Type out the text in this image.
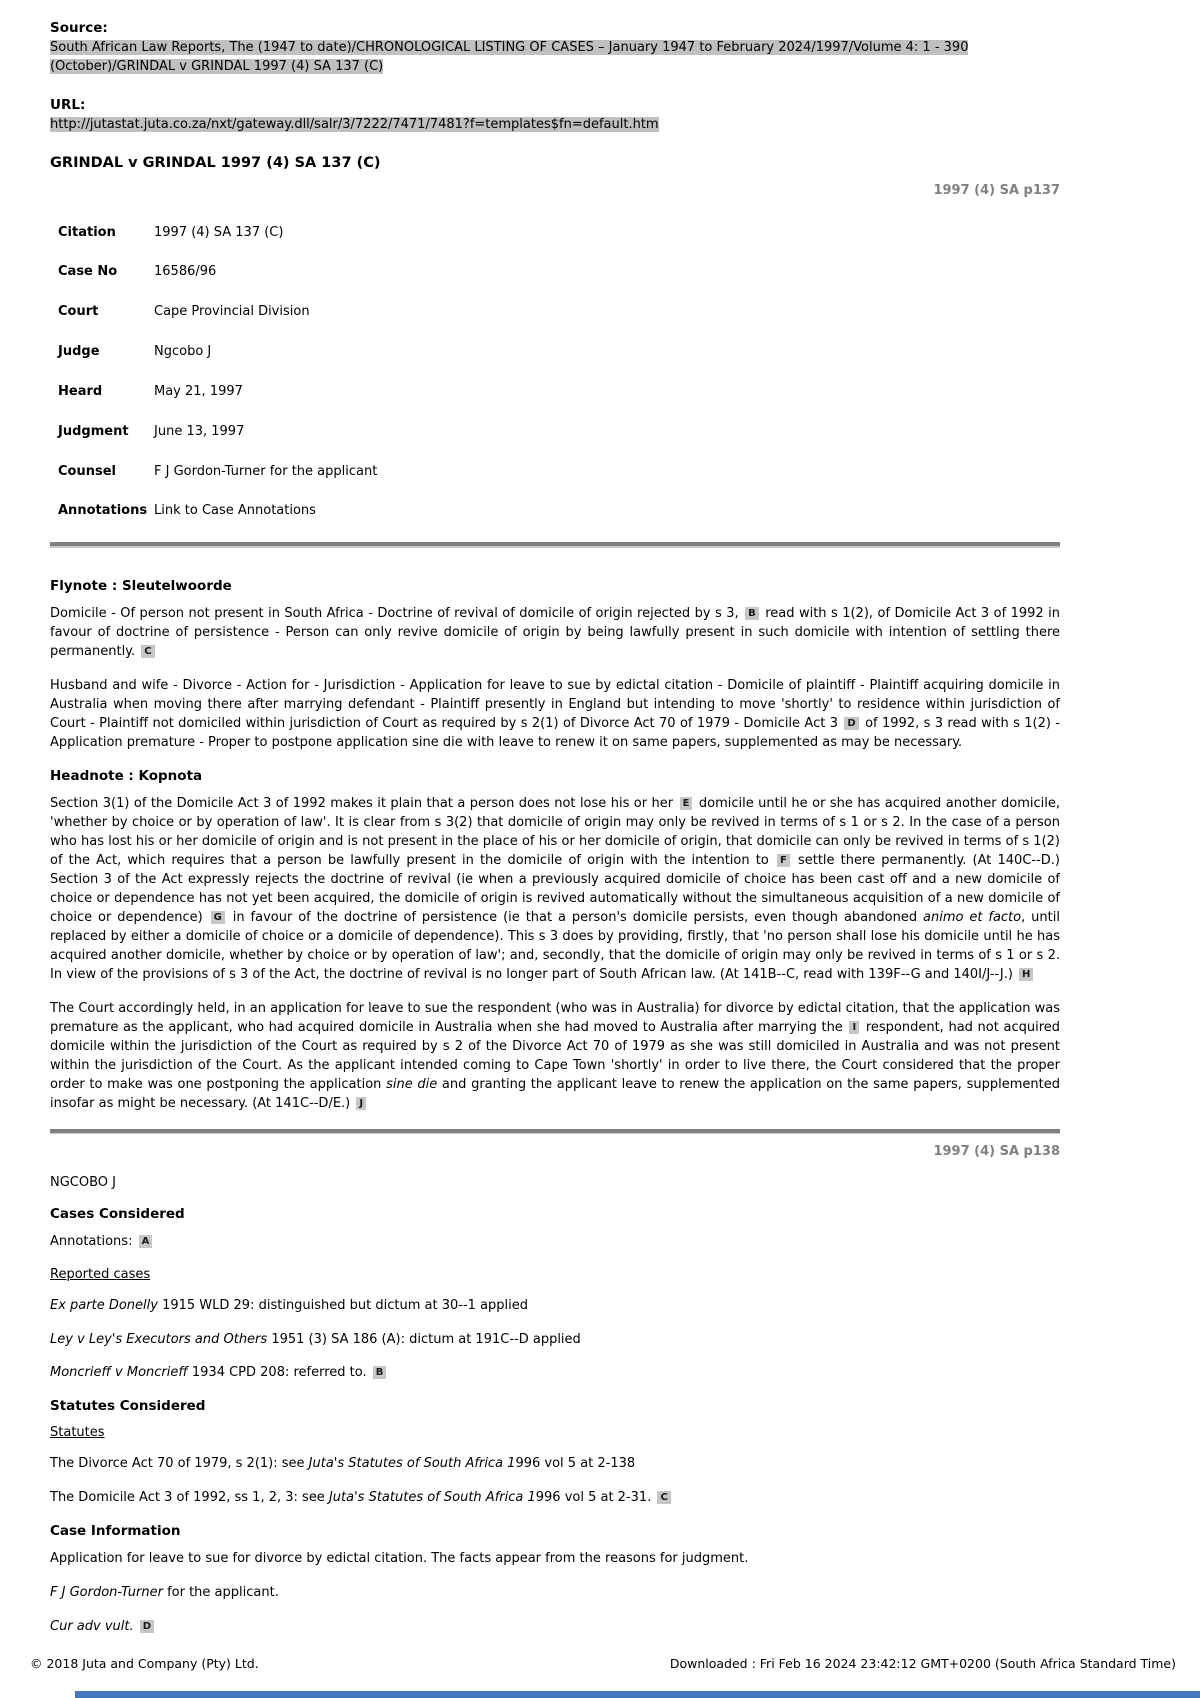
Source:
South African Law Reports, The (1947 to date)/CHRONOLOGICAL LISTING OF CASES – January 1947 to February 2024/1997/Volume 4: 1 - 390 (October)/GRINDAL v GRINDAL 1997 (4) SA 137 (C)
URL:
http://jutastat.juta.co.za/nxt/gateway.dll/salr/3/7222/7471/7481?f=templates$fn=default.htm
GRINDAL v GRINDAL 1997 (4) SA 137 (C)
1997 (4) SA p137
Citation	1997 (4) SA 137 (C)
Case No	16586/96
Court	Cape Provincial Division
Judge	Ngcobo J
Heard	May 21, 1997
Judgment	June 13, 1997
Counsel	F J Gordon-Turner for the applicant
Annotations Link to Case Annotations
Flynote : Sleutelwoorde

Domicile - Of person not present in South Africa - Doctrine of revival of domicile of origin rejected by s 3, B read with s 1(2), of Domicile Act 3 of 1992 in favour of doctrine of persistence - Person can only revive domicile of origin by being lawfully present in such domicile with intention of settling there permanently. C

Husband and wife - Divorce - Action for - Jurisdiction - Application for leave to sue by edictal citation - Domicile of plaintiff - Plaintiff acquiring domicile in Australia when moving there after marrying defendant - Plaintiff presently in England but intending to move 'shortly' to residence within jurisdiction of Court - Plaintiff not domiciled within jurisdiction of Court as required by s 2(1) of Divorce Act 70 of 1979 - Domicile Act 3 D of 1992, s 3 read with s 1(2) - Application premature - Proper to postpone application sine die with leave to renew it on same papers, supplemented as may be necessary.

Headnote : Kopnota

Section 3(1) of the Domicile Act 3 of 1992 makes it plain that a person does not lose his or her E domicile until he or she has acquired another domicile, 'whether by choice or by operation of law'. It is clear from s 3(2) that domicile of origin may only be revived in terms of s 1 or s 2. In the case of a person who has lost his or her domicile of origin and is not present in the place of his or her domicile of origin, that domicile can only be revived in terms of s 1(2) of the Act, which requires that a person be lawfully present in the domicile of origin with the intention to F settle there permanently. (At 140C--D.) Section 3 of the Act expressly rejects the doctrine of revival (ie when a previously acquired domicile of choice has been cast off and a new domicile of choice or dependence has not yet been acquired, the domicile of origin is revived automatically without the simultaneous acquisition of a new domicile of choice or dependence) G in favour of the doctrine of persistence (ie that a person's domicile persists, even though abandoned animo et facto, until replaced by either a domicile of choice or a domicile of dependence). This s 3 does by providing, firstly, that 'no person shall lose his domicile until he has acquired another domicile, whether by choice or by operation of law'; and, secondly, that the domicile of origin may only be revived in terms of s 1 or s 2. In view of the provisions of s 3 of the Act, the doctrine of revival is no longer part of South African law. (At 141B--C, read with 139F--G and 140I/J--J.) H

The Court accordingly held, in an application for leave to sue the respondent (who was in Australia) for divorce by edictal citation, that the application was premature as the applicant, who had acquired domicile in Australia when she had moved to Australia after marrying the I respondent, had not acquired domicile within the jurisdiction of the Court as required by s 2 of the Divorce Act 70 of 1979 as she was still domiciled in Australia and was not present within the jurisdiction of the Court. As the applicant intended coming to Cape Town 'shortly' in order to live there, the Court considered that the proper order to make was one postponing the application sine die and granting the applicant leave to renew the application on the same papers, supplemented insofar as might be necessary. (At 141C--D/E.) J

1997 (4) SA p138
NGCOBO J
Cases Considered

Annotations: A

Reported cases

Ex parte Donelly 1915 WLD 29: distinguished but dictum at 30--1 applied

Ley v Ley's Executors and Others 1951 (3) SA 186 (A): dictum at 191C--D applied

Moncrieff v Moncrieff 1934 CPD 208: referred to. B

Statutes Considered
Statutes

The Divorce Act 70 of 1979, s 2(1): see Juta's Statutes of South Africa 1996 vol 5 at 2-138

The Domicile Act 3 of 1992, ss 1, 2, 3: see Juta's Statutes of South Africa 1996 vol 5 at 2-31. C

Case Information

Application for leave to sue for divorce by edictal citation. The facts appear from the reasons for judgment.

F J Gordon-Turner for the applicant.

Cur adv vult. D

© 2018 Juta and Company (Pty) Ltd.	Downloaded : Fri Feb 16 2024 23:42:12 GMT+0200 (South Africa Standard Time)
